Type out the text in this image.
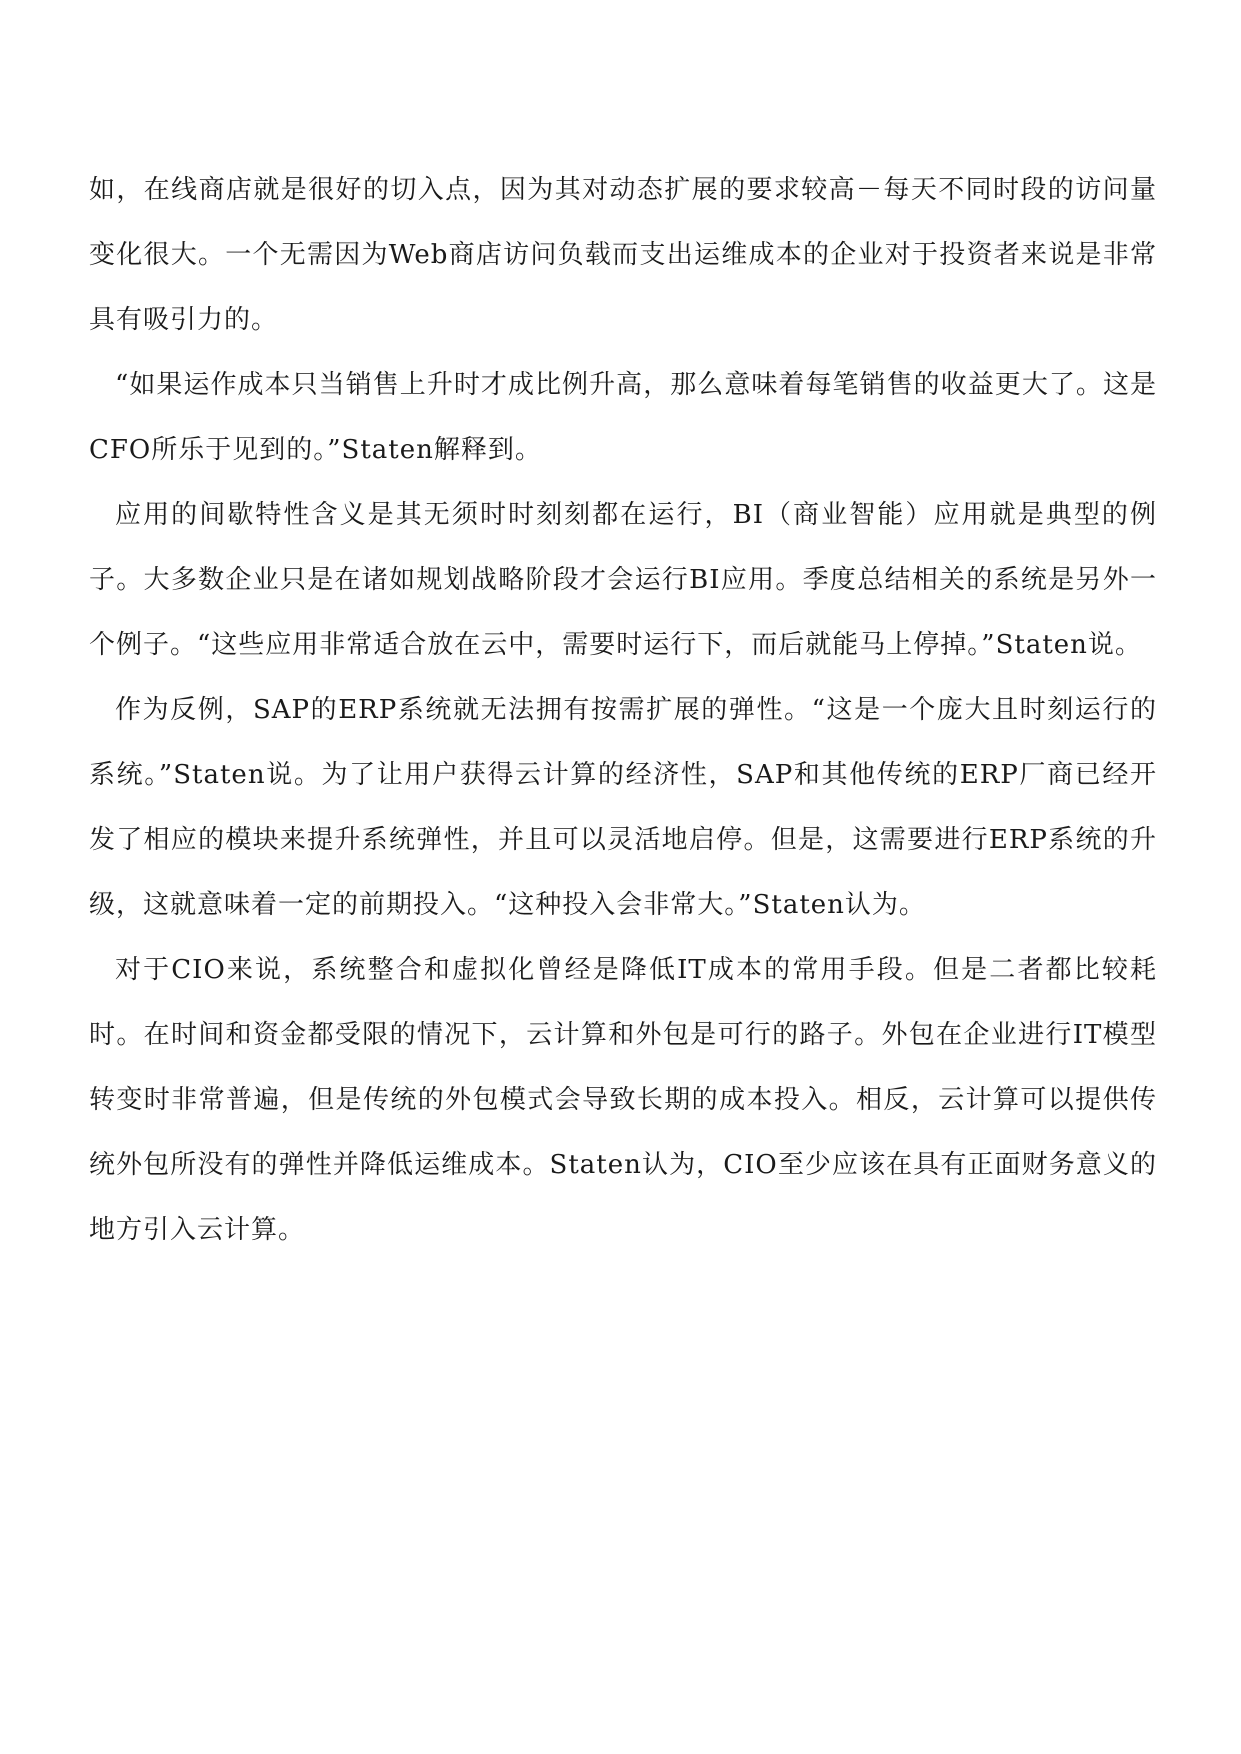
如，在线商店就是很好的切入点，因为其对动态扩展的要求较高－每天不同时段的访问量变化很大。一个无需因为Web商店访问负载而支出运维成本的企业对于投资者来说是非常具有吸引力的。

“如果运作成本只当销售上升时才成比例升高，那么意味着每笔销售的收益更大了。这是CFO所乐于见到的。”Staten解释到。

应用的间歇特性含义是其无须时时刻刻都在运行，BI（商业智能）应用就是典型的例子。大多数企业只是在诸如规划战略阶段才会运行BI应用。季度总结相关的系统是另外一个例子。“这些应用非常适合放在云中，需要时运行下，而后就能马上停掉。”Staten说。

作为反例，SAP的ERP系统就无法拥有按需扩展的弹性。“这是一个庞大且时刻运行的系统。”Staten说。为了让用户获得云计算的经济性，SAP和其他传统的ERP厂商已经开发了相应的模块来提升系统弹性，并且可以灵活地启停。但是，这需要进行ERP系统的升级，这就意味着一定的前期投入。“这种投入会非常大。”Staten认为。

对于CIO来说，系统整合和虚拟化曾经是降低IT成本的常用手段。但是二者都比较耗时。在时间和资金都受限的情况下，云计算和外包是可行的路子。外包在企业进行IT模型转变时非常普遍，但是传统的外包模式会导致长期的成本投入。相反，云计算可以提供传统外包所没有的弹性并降低运维成本。Staten认为，CIO至少应该在具有正面财务意义的地方引入云计算。
